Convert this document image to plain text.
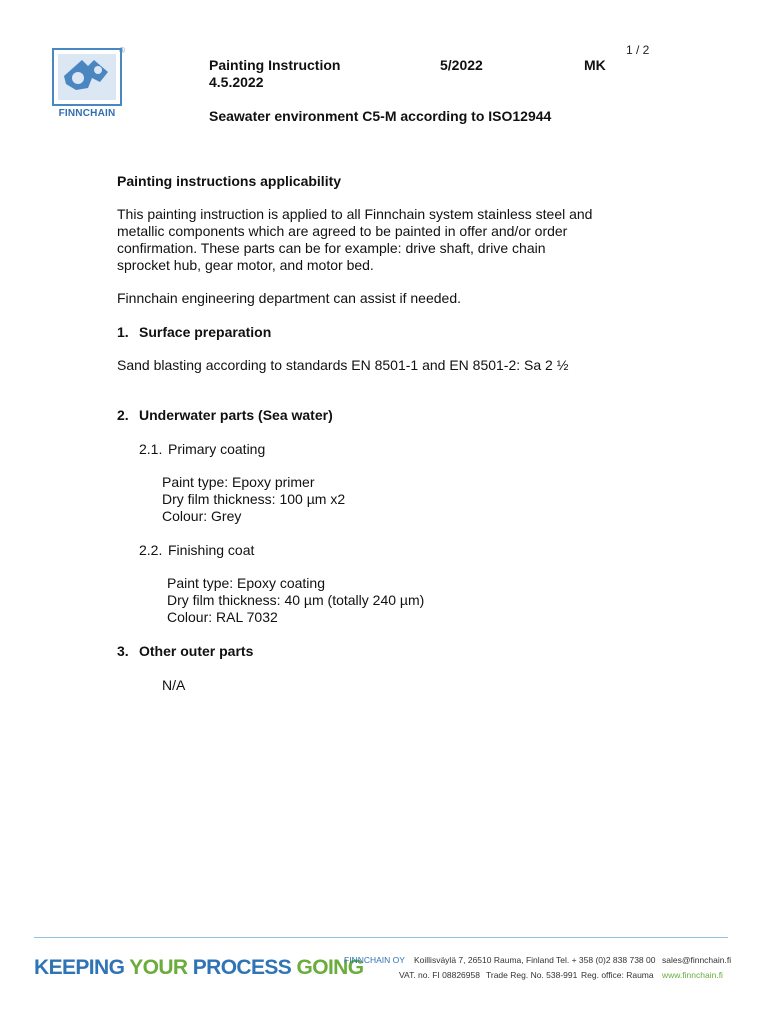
®
FINNCHAIN
1 / 2
Painting Instruction	5/2022	MK
4.5.2022
Seawater environment C5-M according to ISO12944
Painting instructions applicability
This painting instruction is applied to all Finnchain system stainless steel and
metallic components which are agreed to be painted in offer and/or order
confirmation. These parts can be for example: drive shaft, drive chain
sprocket hub, gear motor, and motor bed.
Finnchain engineering department can assist if needed.
1. Surface preparation
Sand blasting according to standards EN 8501-1 and EN 8501-2: Sa 2 ½
2. Underwater parts (Sea water)
2.1. Primary coating
Paint type: Epoxy primer
Dry film thickness: 100 µm x2
Colour: Grey
2.2. Finishing coat
Paint type: Epoxy coating
Dry film thickness: 40 µm (totally 240 µm)
Colour: RAL 7032
3. Other outer parts
N/A
KEEPING YOUR PROCESS GOING
FINNCHAIN OY Koillisväylä 7, 26510 Rauma, Finland Tel. + 358 (0)2 838 738 00 sales@finnchain.fi
VAT. no. FI 08826958 Trade Reg. No. 538-991 Reg. office: Rauma www.finnchain.fi
